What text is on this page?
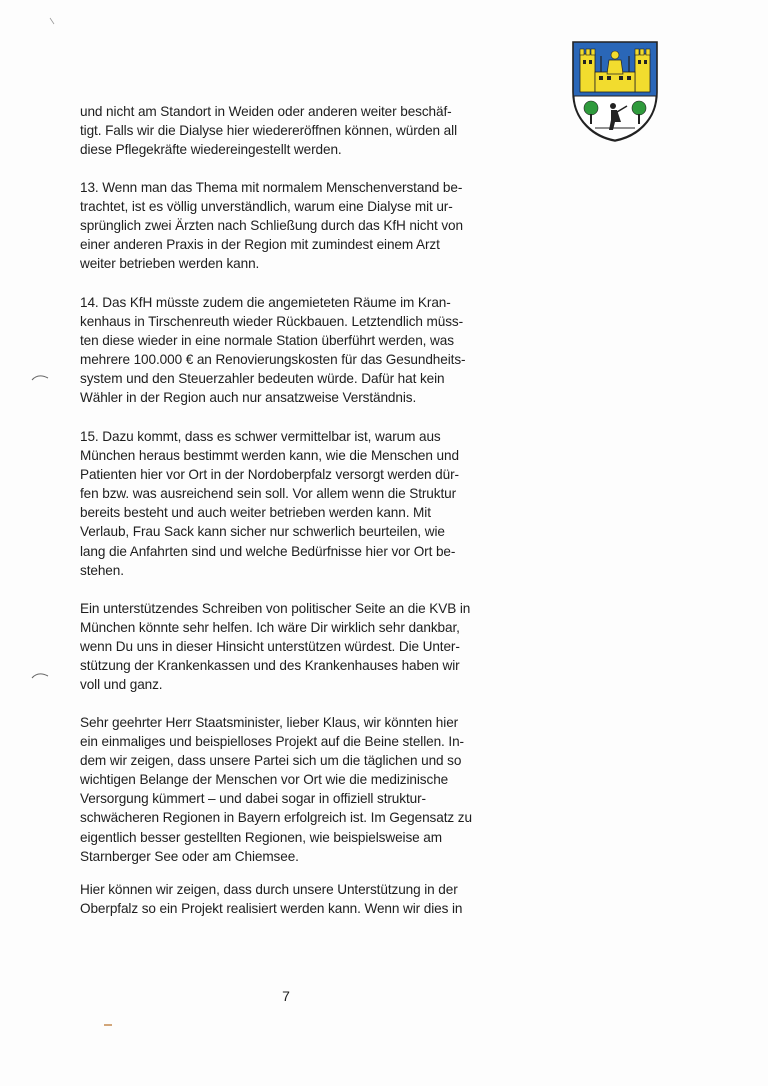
und nicht am Standort in Weiden oder anderen weiter beschäf-
tigt. Falls wir die Dialyse hier wiedereröffnen können, würden all
diese Pflegekräfte wiedereingestellt werden.
13. Wenn man das Thema mit normalem Menschenverstand be-
trachtet, ist es völlig unverständlich, warum eine Dialyse mit ur-
sprünglich zwei Ärzten nach Schließung durch das KfH nicht von
einer anderen Praxis in der Region mit zumindest einem Arzt
weiter betrieben werden kann.
14. Das KfH müsste zudem die angemieteten Räume im Kran-
kenhaus in Tirschenreuth wieder Rückbauen. Letztendlich müss-
ten diese wieder in eine normale Station überführt werden, was
mehrere 100.000 € an Renovierungskosten für das Gesundheits-
system und den Steuerzahler bedeuten würde. Dafür hat kein
Wähler in der Region auch nur ansatzweise Verständnis.
15. Dazu kommt, dass es schwer vermittelbar ist, warum aus
München heraus bestimmt werden kann, wie die Menschen und
Patienten hier vor Ort in der Nordoberpfalz versorgt werden dür-
fen bzw. was ausreichend sein soll. Vor allem wenn die Struktur
bereits besteht und auch weiter betrieben werden kann. Mit
Verlaub, Frau Sack kann sicher nur schwerlich beurteilen, wie
lang die Anfahrten sind und welche Bedürfnisse hier vor Ort be-
stehen.
Ein unterstützendes Schreiben von politischer Seite an die KVB in
München könnte sehr helfen. Ich wäre Dir wirklich sehr dankbar,
wenn Du uns in dieser Hinsicht unterstützen würdest. Die Unter-
stützung der Krankenkassen und des Krankenhauses haben wir
voll und ganz.
Sehr geehrter Herr Staatsminister, lieber Klaus, wir könnten hier
ein einmaliges und beispielloses Projekt auf die Beine stellen. In-
dem wir zeigen, dass unsere Partei sich um die täglichen und so
wichtigen Belange der Menschen vor Ort wie die medizinische
Versorgung kümmert – und dabei sogar in offiziell struktur-
schwächeren Regionen in Bayern erfolgreich ist. Im Gegensatz zu
eigentlich besser gestellten Regionen, wie beispielsweise am
Starnberger See oder am Chiemsee.
Hier können wir zeigen, dass durch unsere Unterstützung in der
Oberpfalz so ein Projekt realisiert werden kann. Wenn wir dies in
7
